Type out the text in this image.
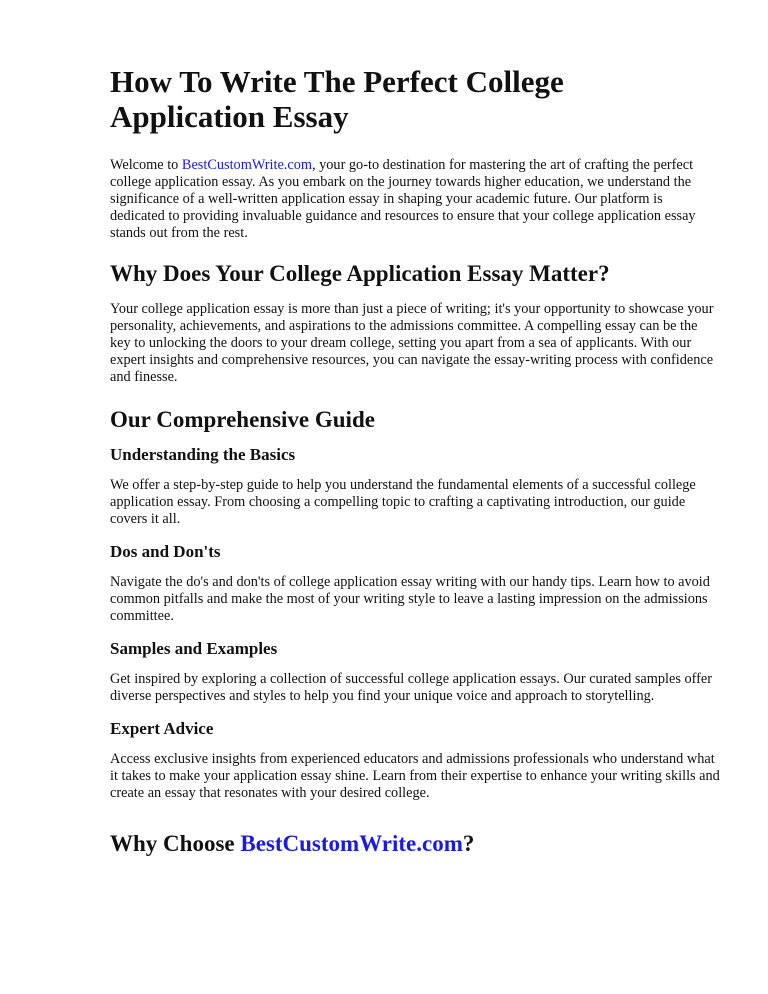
How To Write The Perfect College Application Essay

Welcome to BestCustomWrite.com, your go-to destination for mastering the art of crafting the perfect college application essay. As you embark on the journey towards higher education, we understand the significance of a well-written application essay in shaping your academic future. Our platform is dedicated to providing invaluable guidance and resources to ensure that your college application essay stands out from the rest.

Why Does Your College Application Essay Matter?

Your college application essay is more than just a piece of writing; it's your opportunity to showcase your personality, achievements, and aspirations to the admissions committee. A compelling essay can be the key to unlocking the doors to your dream college, setting you apart from a sea of applicants. With our expert insights and comprehensive resources, you can navigate the essay-writing process with confidence and finesse.

Our Comprehensive Guide
Understanding the Basics

We offer a step-by-step guide to help you understand the fundamental elements of a successful college application essay. From choosing a compelling topic to crafting a captivating introduction, our guide covers it all.

Dos and Don'ts

Navigate the do's and don'ts of college application essay writing with our handy tips. Learn how to avoid common pitfalls and make the most of your writing style to leave a lasting impression on the admissions committee.

Samples and Examples

Get inspired by exploring a collection of successful college application essays. Our curated samples offer diverse perspectives and styles to help you find your unique voice and approach to storytelling.

Expert Advice

Access exclusive insights from experienced educators and admissions professionals who understand what it takes to make your application essay shine. Learn from their expertise to enhance your writing skills and create an essay that resonates with your desired college.

Why Choose BestCustomWrite.com?
